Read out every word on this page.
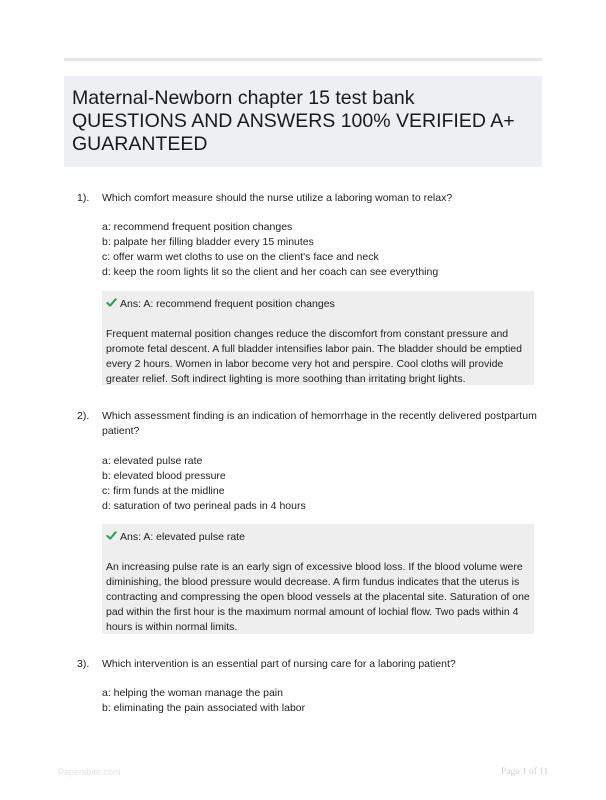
Maternal-Newborn chapter 15 test bank
QUESTIONS AND ANSWERS 100% VERIFIED A+
GUARANTEED
1). Which comfort measure should the nurse utilize a laboring woman to relax?
a: recommend frequent position changes
b: palpate her filling bladder every 15 minutes
c: offer warm wet cloths to use on the client's face and neck
d: keep the room lights lit so the client and her coach can see everything
Ans: A: recommend frequent position changes
Frequent maternal position changes reduce the discomfort from constant pressure and promote fetal descent. A full bladder intensifies labor pain. The bladder should be emptied every 2 hours. Women in labor become very hot and perspire. Cool cloths will provide greater relief. Soft indirect lighting is more soothing than irritating bright lights.
2). Which assessment finding is an indication of hemorrhage in the recently delivered postpartum patient?
a: elevated pulse rate
b: elevated blood pressure
c: firm funds at the midline
d: saturation of two perineal pads in 4 hours
Ans: A: elevated pulse rate
An increasing pulse rate is an early sign of excessive blood loss. If the blood volume were diminishing, the blood pressure would decrease. A firm fundus indicates that the uterus is contracting and compressing the open blood vessels at the placental site. Saturation of one pad within the first hour is the maximum normal amount of lochial flow. Two pads within 4 hours is within normal limits.
3). Which intervention is an essential part of nursing care for a laboring patient?
a: helping the woman manage the pain
b: eliminating the pain associated with labor
Papersbite.com	Page 1 of 11
